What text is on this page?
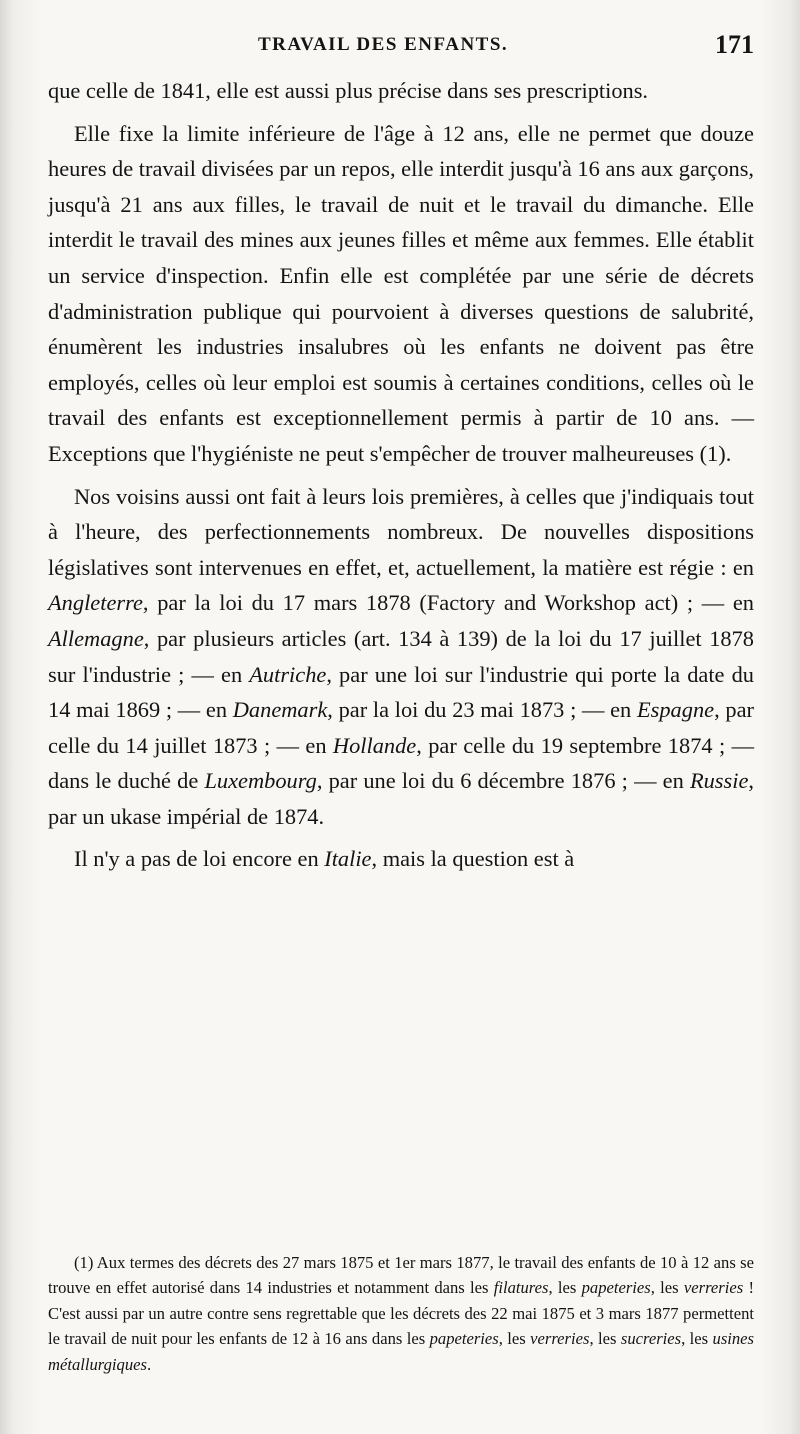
TRAVAIL DES ENFANTS.	171

que celle de 1841, elle est aussi plus précise dans ses prescriptions.

Elle fixe la limite inférieure de l'âge à 12 ans, elle ne permet que douze heures de travail divisées par un repos, elle interdit jusqu'à 16 ans aux garçons, jusqu'à 21 ans aux filles, le travail de nuit et le travail du dimanche. Elle interdit le travail des mines aux jeunes filles et même aux femmes. Elle établit un service d'inspection. Enfin elle est complétée par une série de décrets d'administration publique qui pourvoient à diverses questions de salubrité, énumèrent les industries insalubres où les enfants ne doivent pas être employés, celles où leur emploi est soumis à certaines conditions, celles où le travail des enfants est exceptionnellement permis à partir de 10 ans. — Exceptions que l'hygiéniste ne peut s'empêcher de trouver malheureuses (1).

Nos voisins aussi ont fait à leurs lois premières, à celles que j'indiquais tout à l'heure, des perfectionnements nombreux. De nouvelles dispositions législatives sont intervenues en effet, et, actuellement, la matière est régie : en Angleterre, par la loi du 17 mars 1878 (Factory and Workshop act) ; — en Allemagne, par plusieurs articles (art. 134 à 139) de la loi du 17 juillet 1878 sur l'industrie ; — en Autriche, par une loi sur l'industrie qui porte la date du 14 mai 1869 ; — en Danemark, par la loi du 23 mai 1873 ; — en Espagne, par celle du 14 juillet 1873 ; — en Hollande, par celle du 19 septembre 1874 ; — dans le duché de Luxembourg, par une loi du 6 décembre 1876 ; — en Russie, par un ukase impérial de 1874.

Il n'y a pas de loi encore en Italie, mais la question est à

(1) Aux termes des décrets des 27 mars 1875 et 1er mars 1877, le travail des enfants de 10 à 12 ans se trouve en effet autorisé dans 14 industries et notamment dans les filatures, les papeteries, les verreries ! C'est aussi par un autre contre sens regrettable que les décrets des 22 mai 1875 et 3 mars 1877 permettent le travail de nuit pour les enfants de 12 à 16 ans dans les papeteries, les verreries, les sucreries, les usines métallurgiques.
